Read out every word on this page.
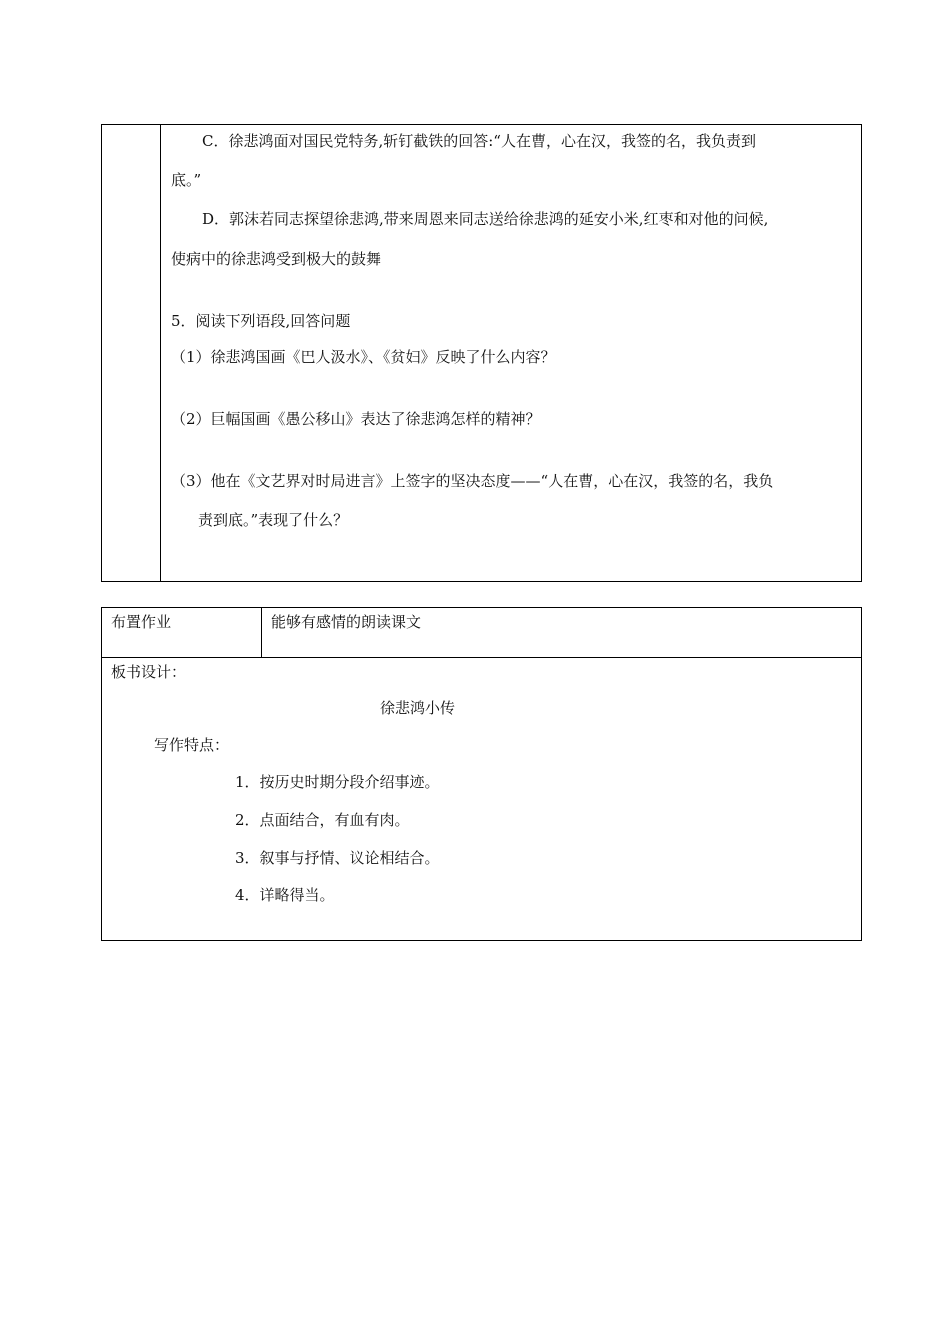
C．徐悲鸿面对国民党特务,斩钉截铁的回答:“人在曹，心在汉，我签的名，我负责到
底。”
D．郭沫若同志探望徐悲鸿,带来周恩来同志送给徐悲鸿的延安小米,红枣和对他的问候,
使病中的徐悲鸿受到极大的鼓舞
5．阅读下列语段,回答问题
（1）徐悲鸿国画《巴人汲水》、《贫妇》反映了什么内容？
（2）巨幅国画《愚公移山》表达了徐悲鸿怎样的精神？
（3）他在《文艺界对时局进言》上签字的坚决态度——“人在曹，心在汉，我签的名，我负
责到底。”表现了什么？
布置作业	能够有感情的朗读课文
板书设计：
徐悲鸿小传
写作特点：
1．按历史时期分段介绍事迹。
2．点面结合，有血有肉。
3．叙事与抒情、议论相结合。
4．详略得当。
